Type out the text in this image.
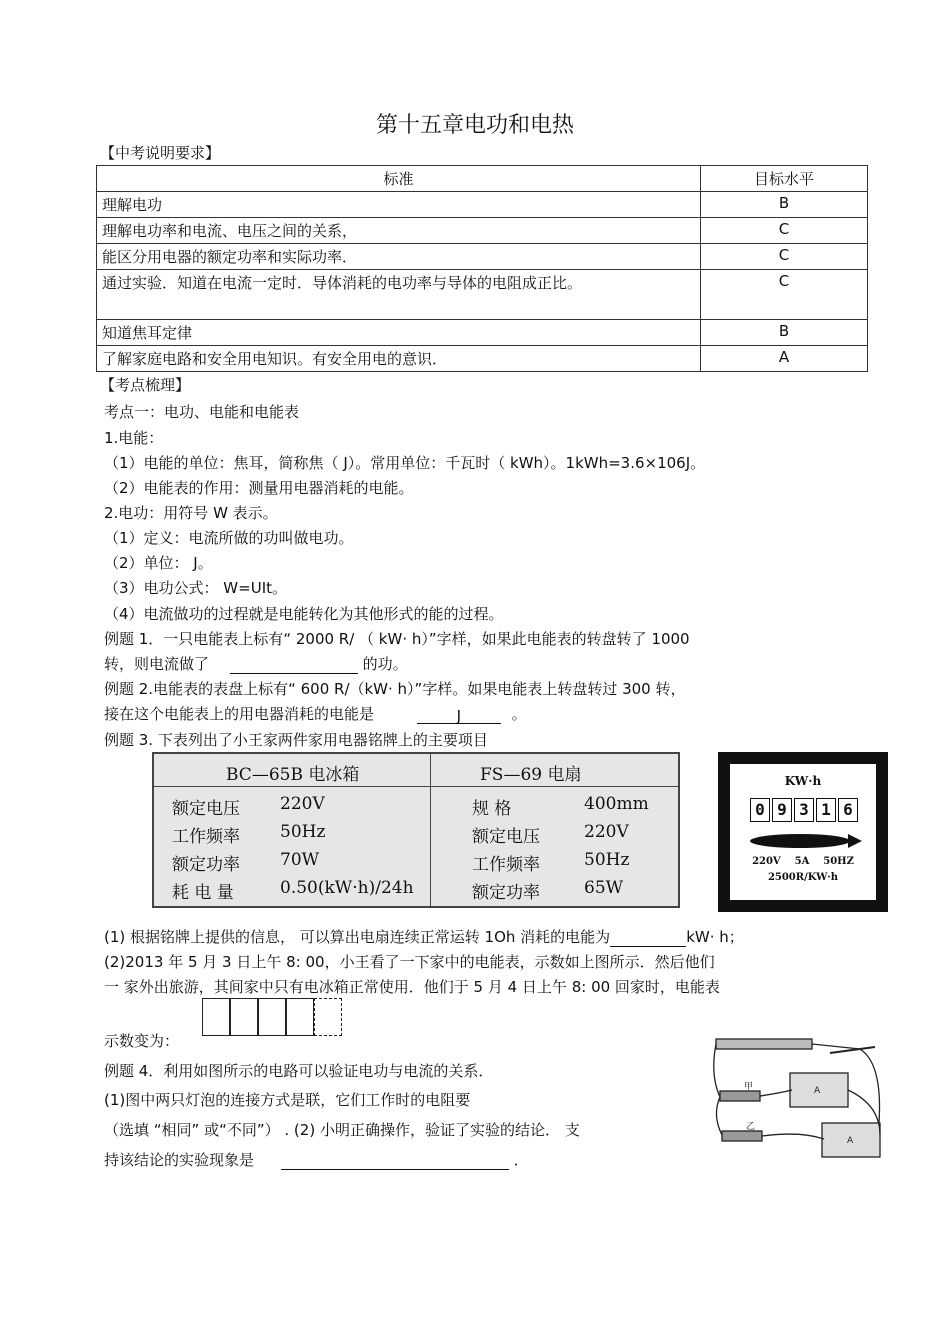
第十五章电功和电热
【中考说明要求】
标准	目标水平
理解电功	B
理解电功率和电流、电压之间的关系，	C
能区分用电器的额定功率和实际功率．	C
通过实验．知道在电流一定时．导体消耗的电功率与导体的电阻成正比。	C
知道焦耳定律	B
了解家庭电路和安全用电知识。有安全用电的意识．	A
【考点梳理】
考点一：电功、电能和电能表
1.电能：
（1）电能的单位：焦耳，简称焦（ J）。常用单位：千瓦时（ kWh）。1kWh=3.6×106J。
（2）电能表的作用：测量用电器消耗的电能。
2.电功：用符号 W 表示。
（1）定义：电流所做的功叫做电功。
（2）单位： J。
（3）电功公式： W=UIt。
（4）电流做功的过程就是电能转化为其他形式的能的过程。
例题 1．一只电能表上标有“ 2000 R/ （ kW· h）”字样，如果此电能表的转盘转了 1000
转，则电流做了	的功。
例题 2.电能表的表盘上标有“ 600 R/（kW· h）”字样。如果电能表上转盘转过 300 转，
接在这个电能表上的用电器消耗的电能是	J	。
例题 3. 下表列出了小王家两件家用电器铭牌上的主要项目
BC—65B 电冰箱	FS—69 电扇
额定电压 220V
工作频率 50Hz
额定功率 70W
耗 电 量	0.50(kW·h)/24h
规 格	400mm
额定电压	220V
工作频率	50Hz
额定功率	65W
KW·h
0 9 3 1 6
220V    5A    50HZ
2500R/KW·h
(1) 根据铭牌上提供的信息， 可以算出电扇连续正常运转 1Oh 消耗的电能为	kW· h；
(2)2013 年 5 月 3 日上午 8: 00，小王看了一下家中的电能表，示数如上图所示．然后他们
一 家外出旅游，其间家中只有电冰箱正常使用．他们于 5 月 4 日上午 8: 00 回家时，电能表
示数变为：
例题 4．利用如图所示的电路可以验证电功与电流的关系．
(1)图中两只灯泡的连接方式是联，它们工作时的电阻要
（选填 “相同” 或“不同”） . (2) 小明正确操作，验证了实验的结论． 支
持该结论的实验现象是	．
A
A
甲
乙
